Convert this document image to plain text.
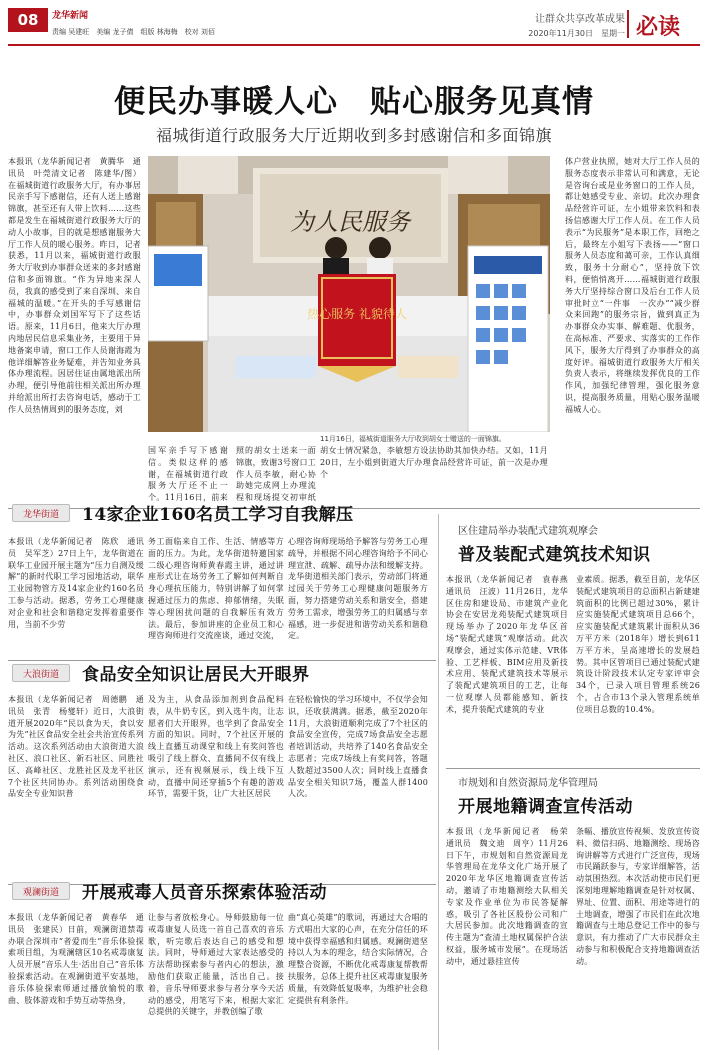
08	龙华新闻
责编 吴建旺　美编 龙子倩　组版 林海梅　校对 刘佰
让群众共享改革成果
2020年11月30日　星期一 必读
便民办事暖人心　贴心服务见真情
福城街道行政服务大厅近期收到多封感谢信和多面锦旗
本报讯（龙华新闻记者　黄腾华　通讯员　叶莞清文记者　陈建华/图）在福城街道行政服务大厅，有办事居民亲手写下感谢信，还有人送上感谢锦旗，甚至还有人带上饮料……这些都是发生在福城街道行政服务大厅的动人小故事，目的就是想感谢服务大厅工作人员的暖心服务。昨日，记者获悉，11月以来，福城街道行政服务大厅收到办事群众送来的多封感谢信和多面锦旗。“作为异地来深人员，我真的感受到了来自深圳、来自福城的温暖。”在开头的手写感谢信中，办事群众刘国军写下了这些话语。原来，11月6日，他来大厅办理内地居民信息采集业务，主要用于异地备案申请，窗口工作人员谢海霞为他详细解答业务疑难，并告知业务具体办理流程。因居住证由属地派出所办理，便引导他前往相关派出所办理并给派出所打去咨询电话，感动于工作人员热情周到的服务态度，刘
为人民服务
热心服务 礼貌待人
11月16日，福城街道服务大厅收到胡女士赠送的一面锦旗。
国军亲手写下感谢信。类似这样的感谢，在福城街道行政服务大厅还不止一个。11月16日，前来
照的胡女士送来一面锦旗，致谢3号窗口工作人员李敏，耐心协助她完成网上办理流程和现场提交初审纸
胡女士情况紧急，李敏想方设法协助其加快办结。又如，11月20日，左小姐到街道大厅办理食品经营许可证，前一次是办理个
体户营业执照，她对大厅工作人员的服务态度表示非常认可和满意，无论是咨询台或是业务窗口的工作人员，都让她感受专业、亲切。此次办理食品经营许可证，左小姐带来饮料和表扬信感谢大厅工作人员。在工作人员表示“为民服务”是本职工作，回绝之后，最终左小姐写下表扬——“窗口服务人员态度和蔼可亲，工作认真细致，服务十分耐心”，坚持放下饮料，便悄悄离开……福城街道行政服务大厅坚持综合窗口及后台工作人员审批时立“一件事　一次办”“减少群众来回跑”的服务宗旨，做到真正为办事群众办实事、解难题、优服务，在高标准、严要求、实落实的工作作风下，服务大厅得到了办事群众的高度好评。福城街道行政服务大厅相关负责人表示，将继续发挥优良的工作作风，加强纪律管理，强化服务意识，提高服务质量，用贴心服务温暖福城人心。
龙华街道	14家企业160名员工学习自我解压
本报讯（龙华新闻记者　陈欣　通讯员　吴军芝）27日上午，龙华街道在联华工业园开展主题为“压力自测及缓解”的新时代职工学习园地活动，联华工业园物管方及14家企业约160名员工参与活动。据悉，劳务工心理健康对企业和社会和谐稳定发挥着重要作用，当前不少劳
务工面临来自工作、生活、情感等方面的压力。为此，龙华街道特邀国家二级心理咨询师黄春霞主讲，通过讲座形式让在场劳务工了解如何判断自身心理抗压能力，特别讲解了如何掌握通过压力的焦虑、抑郁情绪，失眠等心理困扰问题的自我解压有效方法。最后，参加讲座的企业员工和心理咨询师进行交流座谈，通过交流，
心理咨询师现场给予解答与劳务工心理疏导，并根据不同心理咨询给予不同心理宣泄、疏解、疏导办法和缓解支持。龙华街道相关部门表示，劳动部门将通过园关于劳务工心理健康问题服务方面，努力搭建劳动关系和谐安全，搭建劳务工需求，增强劳务工的归属感与幸福感，进一步促进和谐劳动关系和谐稳定。
区住建局举办装配式建筑观摩会
普及装配式建筑技术知识
本报讯（龙华新闻记者　袁春燕　通讯员　汪波）11月26日，龙华区住房和建设局、市建筑产业化协会在安居龙苑装配式建筑项目现场举办了2020年龙华区首场“装配式建筑”观摩活动。此次观摩会，通过实体示范建、VR体验、工艺样板、BIM应用及新技术应用、装配式建筑技术等展示了装配式建筑项目的工艺，让每一位观摩人员都能感知、新技术，提升装配式建筑的专业
业素质。据悉，截至目前，龙华区装配式建筑项目的总面积占新建建筑面积的比例已超过30%，累计应实施装配式建筑项目总66个，应实施装配式建筑累计面积从36万平方米（2018年）增长到611万平方米，呈高速增长的发展趋势。其中区管项目已通过装配式建筑设计阶段技术认定专家评审会34个，已录入项目管理系统26个，占合市13个录入管理系统单位项目总数的10.4%。
大浪街道	食品安全知识让居民大开眼界
本报讯（龙华新闻记者　周德鹏　通讯员　张青　杨燮轩）近日，大浪街道开展2020年“民以食为天，食以安为先”社区食品安全社会共治宣传系列活动。这次系列活动由大浪街道大浪社区、浪口社区、新石社区、同胜社区、高峰社区、龙胜社区及龙平社区7个社区共同协办。系列活动围绕食品安全专业知识普
及为主，从食品添加剂到食品配料表，从牛奶专区，到入选牛肉，让志愿者们大开眼界，也学到了食品安全方面的知识。同时，7个社区开展的线上直播互动课堂和线上有奖问答也吸引了线上群众、直播间不仅有线上演示，还有视频展示，线上线下互动，直播中间还穿插5个有趣的游戏环节，需要干货，让广大社区居民
在轻松愉快的学习环境中，不仅学会知识，还收获满满。据悉，截至2020年11月，大浪街道顺利完成了7个社区的食品安全宣传，完成7场食品安全志愿者培训活动，共培养了140名食品安全志愿者；完成7场线上有奖问答，答题人数超过3500人次；同时线上直播食品安全相关知识7场，覆盖人群1400人次。
市规划和自然资源局龙华管理局
开展地籍调查宣传活动
本报讯（龙华新闻记者　杨荣　通讯员　魏文迪　周亨）11月26日下午，市规划和自然资源局龙华管理局在龙华文化广场开展了2020年龙华区地籍调查宣传活动，邀请了市地籍测绘大队相关专家及作业单位为市民答疑解惑，吸引了各社区股份公司和广大居民参加。此次地籍调查的宣传主题为“查清土地权属保护合法权益，服务城市发展”。在现场活动中，通过悬挂宣传
条幅、播放宣传视频、发放宣传资料、微信扫码、地籍测绘、现场咨询讲解等方式进行广泛宣传，现场市民踊跃参与，专家详细解答，活动氛围热烈。本次活动使市民们更深刻地理解地籍调查是针对权属、界址、位置、面积、用途等进行的土地调查，增强了市民们在此次地籍调查与土地总登记工作中的参与意识，有力推动了广大市民群众主动参与和积极配合支持地籍调查活动。
观澜街道	开展戒毒人员音乐探索体验活动
本报讯（龙华新闻记者　黄春华　通讯员　张建民）日前，观澜街道禁毒办联合深圳市“者爱而生”音乐体验探索项目组，为观澜辖区10名戒毒康复人员开展“音乐人生·活出自己”音乐体验探索活动。在观澜街道平安基地，音乐体验探索师通过播放愉悦的歌曲、肢体游戏和手势互动等热身，
让参与者放松身心。导师鼓励每一位戒毒康复人员选一首自己喜欢的音乐歌，听完歌后表达自己的感受和想法。同时，导师通过大家表达感受的方法帮助探索参与者内心的想法，激励他们获取正能量，活出自己。接着，音乐导师要求参与者分享今天活动的感受，用笔写下来，根据大家汇总提供的关键字，并教创编了歌
曲“真心英雄”的歌词，再通过大合唱的方式唱出大家的心声，在充分信任的环境中获得幸福感和归属感。观澜街道坚持以人为本的理念，结合实际情况，合理整合资源，不断优化戒毒康复帮教帮扶服务，总体上提升社区戒毒康复服务质量，有效降低复吸率，为维护社会稳定提供有利条件。
